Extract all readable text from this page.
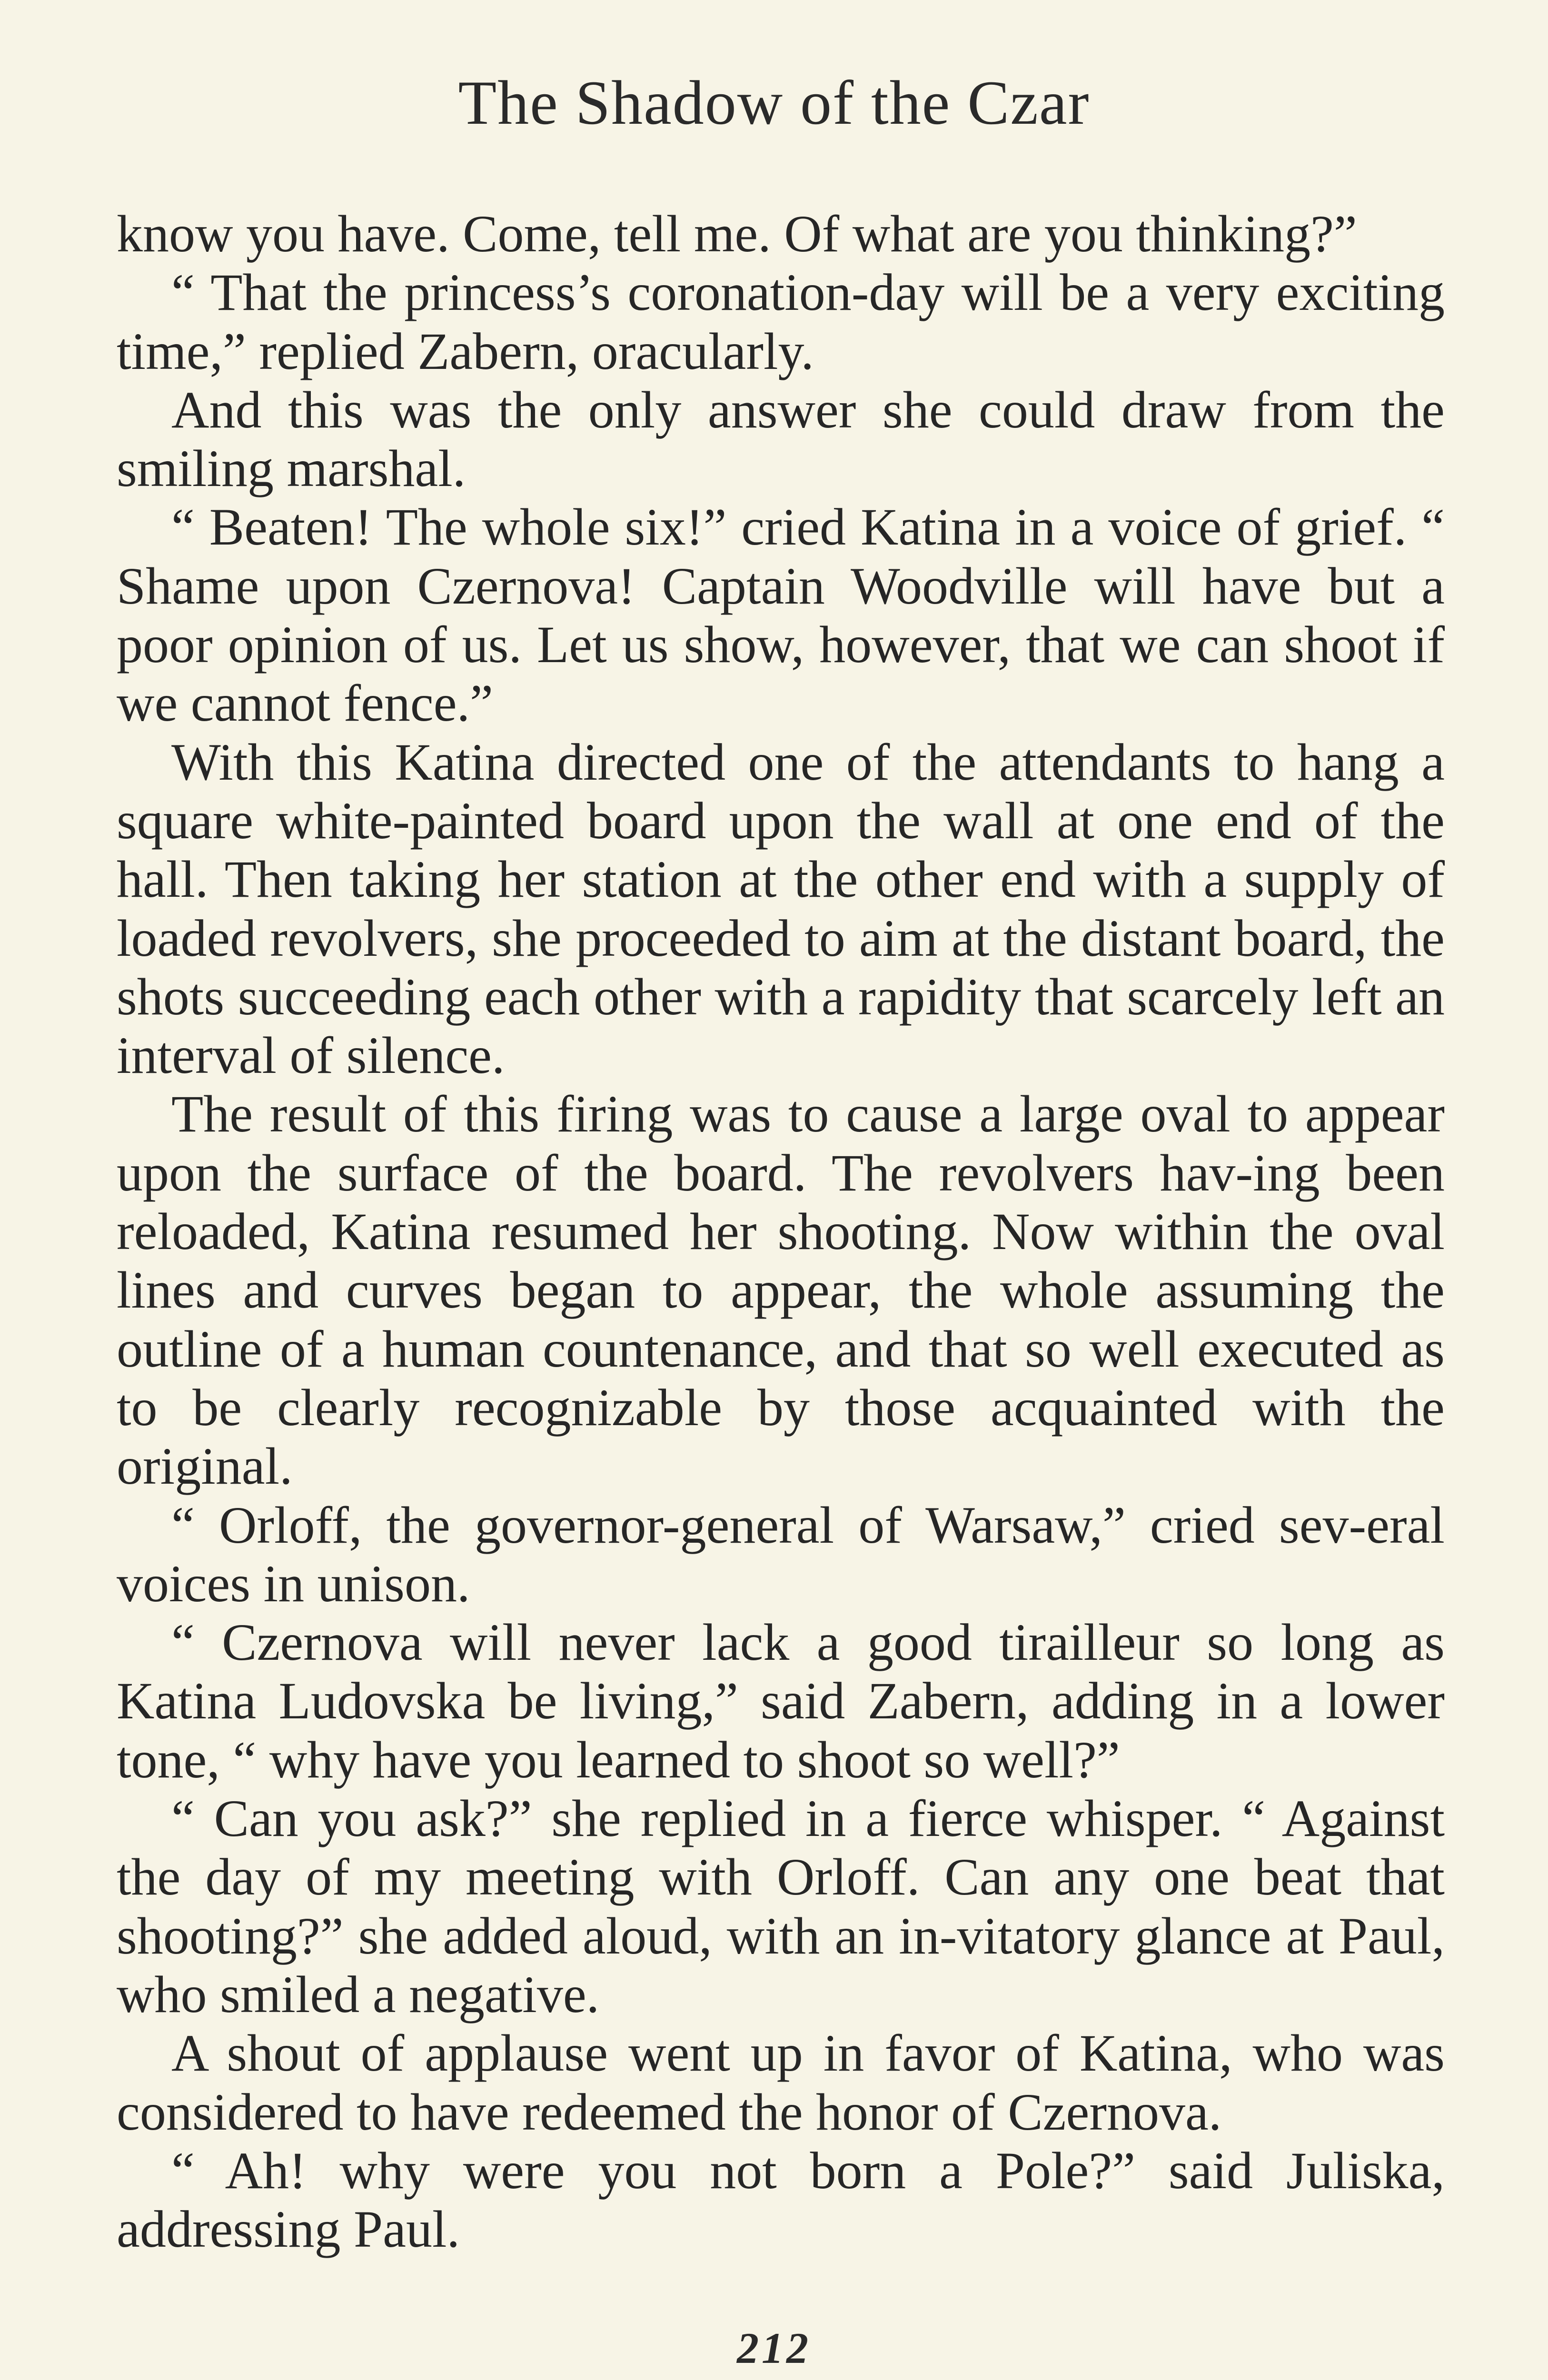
The Shadow of the Czar

know you have. Come, tell me. Of what are you thinking?”

“ That the princess’s coronation-day will be a very exciting time,” replied Zabern, oracularly.

And this was the only answer she could draw from the smiling marshal.

“ Beaten! The whole six!” cried Katina in a voice of grief. “ Shame upon Czernova! Captain Woodville will have but a poor opinion of us. Let us show, however, that we can shoot if we cannot fence.”

With this Katina directed one of the attendants to hang a square white-painted board upon the wall at one end of the hall. Then taking her station at the other end with a supply of loaded revolvers, she proceeded to aim at the distant board, the shots succeeding each other with a rapidity that scarcely left an interval of silence.

The result of this firing was to cause a large oval to appear upon the surface of the board. The revolvers hav-ing been reloaded, Katina resumed her shooting. Now within the oval lines and curves began to appear, the whole assuming the outline of a human countenance, and that so well executed as to be clearly recognizable by those acquainted with the original.

“ Orloff, the governor-general of Warsaw,” cried sev-eral voices in unison.

“ Czernova will never lack a good tirailleur so long as Katina Ludovska be living,” said Zabern, adding in a lower tone, “ why have you learned to shoot so well?”

“ Can you ask?” she replied in a fierce whisper. “ Against the day of my meeting with Orloff. Can any one beat that shooting?” she added aloud, with an in-vitatory glance at Paul, who smiled a negative.

A shout of applause went up in favor of Katina, who was considered to have redeemed the honor of Czernova.

“ Ah! why were you not born a Pole?” said Juliska, addressing Paul.

212
